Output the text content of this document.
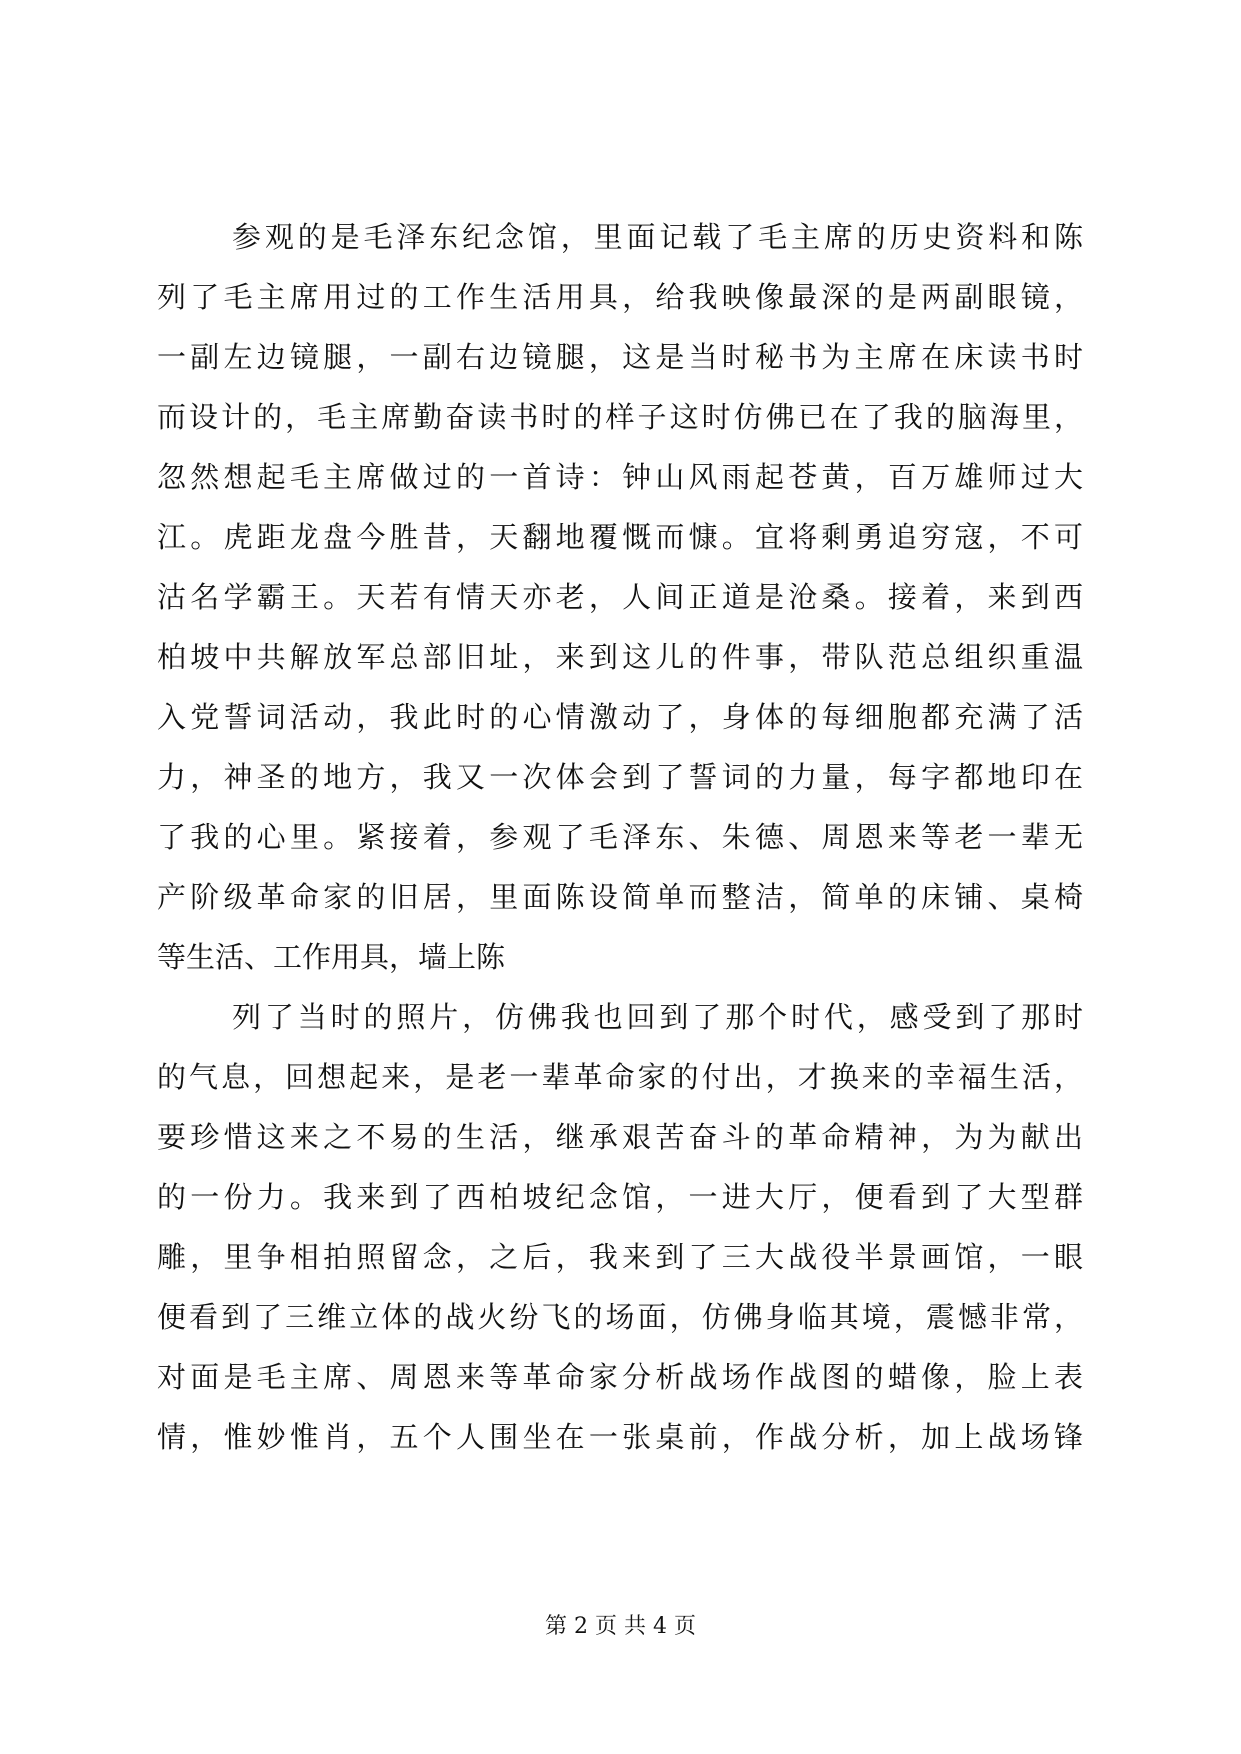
参观的是毛泽东纪念馆，里面记载了毛主席的历史资料和陈
列了毛主席用过的工作生活用具，给我映像最深的是两副眼镜，
一副左边镜腿，一副右边镜腿，这是当时秘书为主席在床读书时
而设计的，毛主席勤奋读书时的样子这时仿佛已在了我的脑海里，
忽然想起毛主席做过的一首诗：钟山风雨起苍黄，百万雄师过大
江。虎距龙盘今胜昔，天翻地覆慨而慷。宜将剩勇追穷寇，不可
沽名学霸王。天若有情天亦老，人间正道是沧桑。接着，来到西
柏坡中共解放军总部旧址，来到这儿的件事，带队范总组织重温
入党誓词活动，我此时的心情激动了，身体的每细胞都充满了活
力，神圣的地方，我又一次体会到了誓词的力量，每字都地印在
了我的心里。紧接着，参观了毛泽东、朱德、周恩来等老一辈无
产阶级革命家的旧居，里面陈设简单而整洁，简单的床铺、桌椅
等生活、工作用具，墙上陈
列了当时的照片，仿佛我也回到了那个时代，感受到了那时
的气息，回想起来，是老一辈革命家的付出，才换来的幸福生活，
要珍惜这来之不易的生活，继承艰苦奋斗的革命精神，为为献出
的一份力。我来到了西柏坡纪念馆，一进大厅，便看到了大型群
雕，里争相拍照留念，之后，我来到了三大战役半景画馆，一眼
便看到了三维立体的战火纷飞的场面，仿佛身临其境，震憾非常，
对面是毛主席、周恩来等革命家分析战场作战图的蜡像，脸上表
情，惟妙惟肖，五个人围坐在一张桌前，作战分析，加上战场锋
第 2 页 共 4 页
